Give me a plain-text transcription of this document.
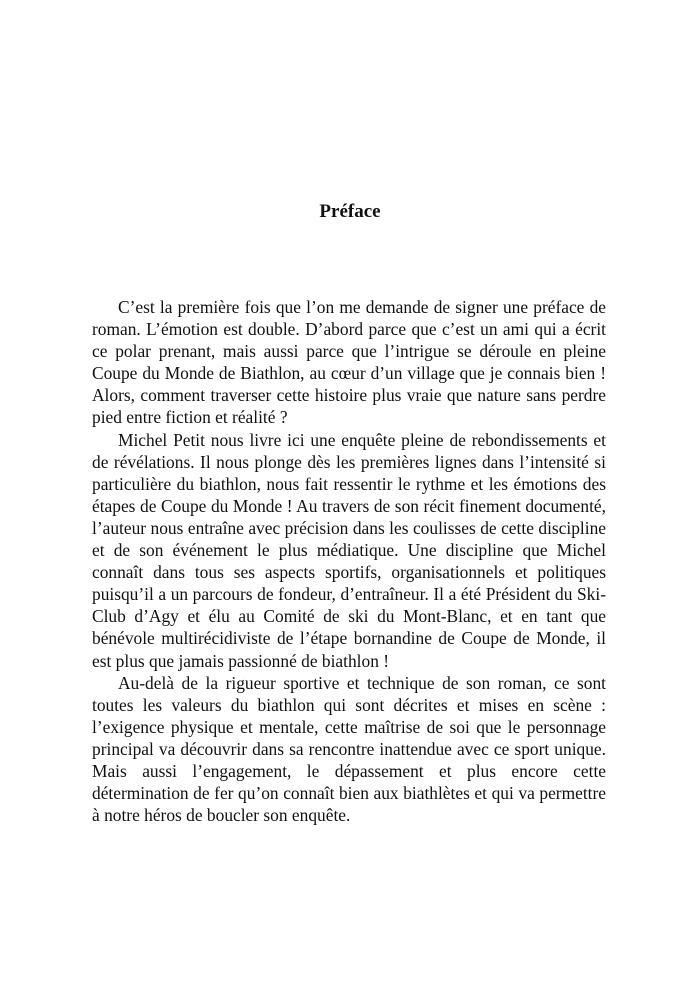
Préface

C’est la première fois que l’on me demande de signer une préface de roman. L’émotion est double. D’abord parce que c’est un ami qui a écrit ce polar prenant, mais aussi parce que l’intrigue se déroule en pleine Coupe du Monde de Biathlon, au cœur d’un village que je connais bien ! Alors, comment traverser cette histoire plus vraie que nature sans perdre pied entre fiction et réalité ?

Michel Petit nous livre ici une enquête pleine de rebondissements et de révélations. Il nous plonge dès les premières lignes dans l’intensité si particulière du biathlon, nous fait ressentir le rythme et les émotions des étapes de Coupe du Monde ! Au travers de son récit finement documenté, l’auteur nous entraîne avec précision dans les coulisses de cette discipline et de son événement le plus médiatique. Une discipline que Michel connaît dans tous ses aspects sportifs, organisationnels et politiques puisqu’il a un parcours de fondeur, d’entraîneur. Il a été Président du Ski-Club d’Agy et élu au Comité de ski du Mont-Blanc, et en tant que bénévole multirécidiviste de l’étape bornandine de Coupe de Monde, il est plus que jamais passionné de biathlon !

Au-delà de la rigueur sportive et technique de son roman, ce sont toutes les valeurs du biathlon qui sont décrites et mises en scène : l’exigence physique et mentale, cette maîtrise de soi que le personnage principal va découvrir dans sa rencontre inattendue avec ce sport unique. Mais aussi l’engagement, le dépassement et plus encore cette détermination de fer qu’on connaît bien aux biathlètes et qui va permettre à notre héros de boucler son enquête.
